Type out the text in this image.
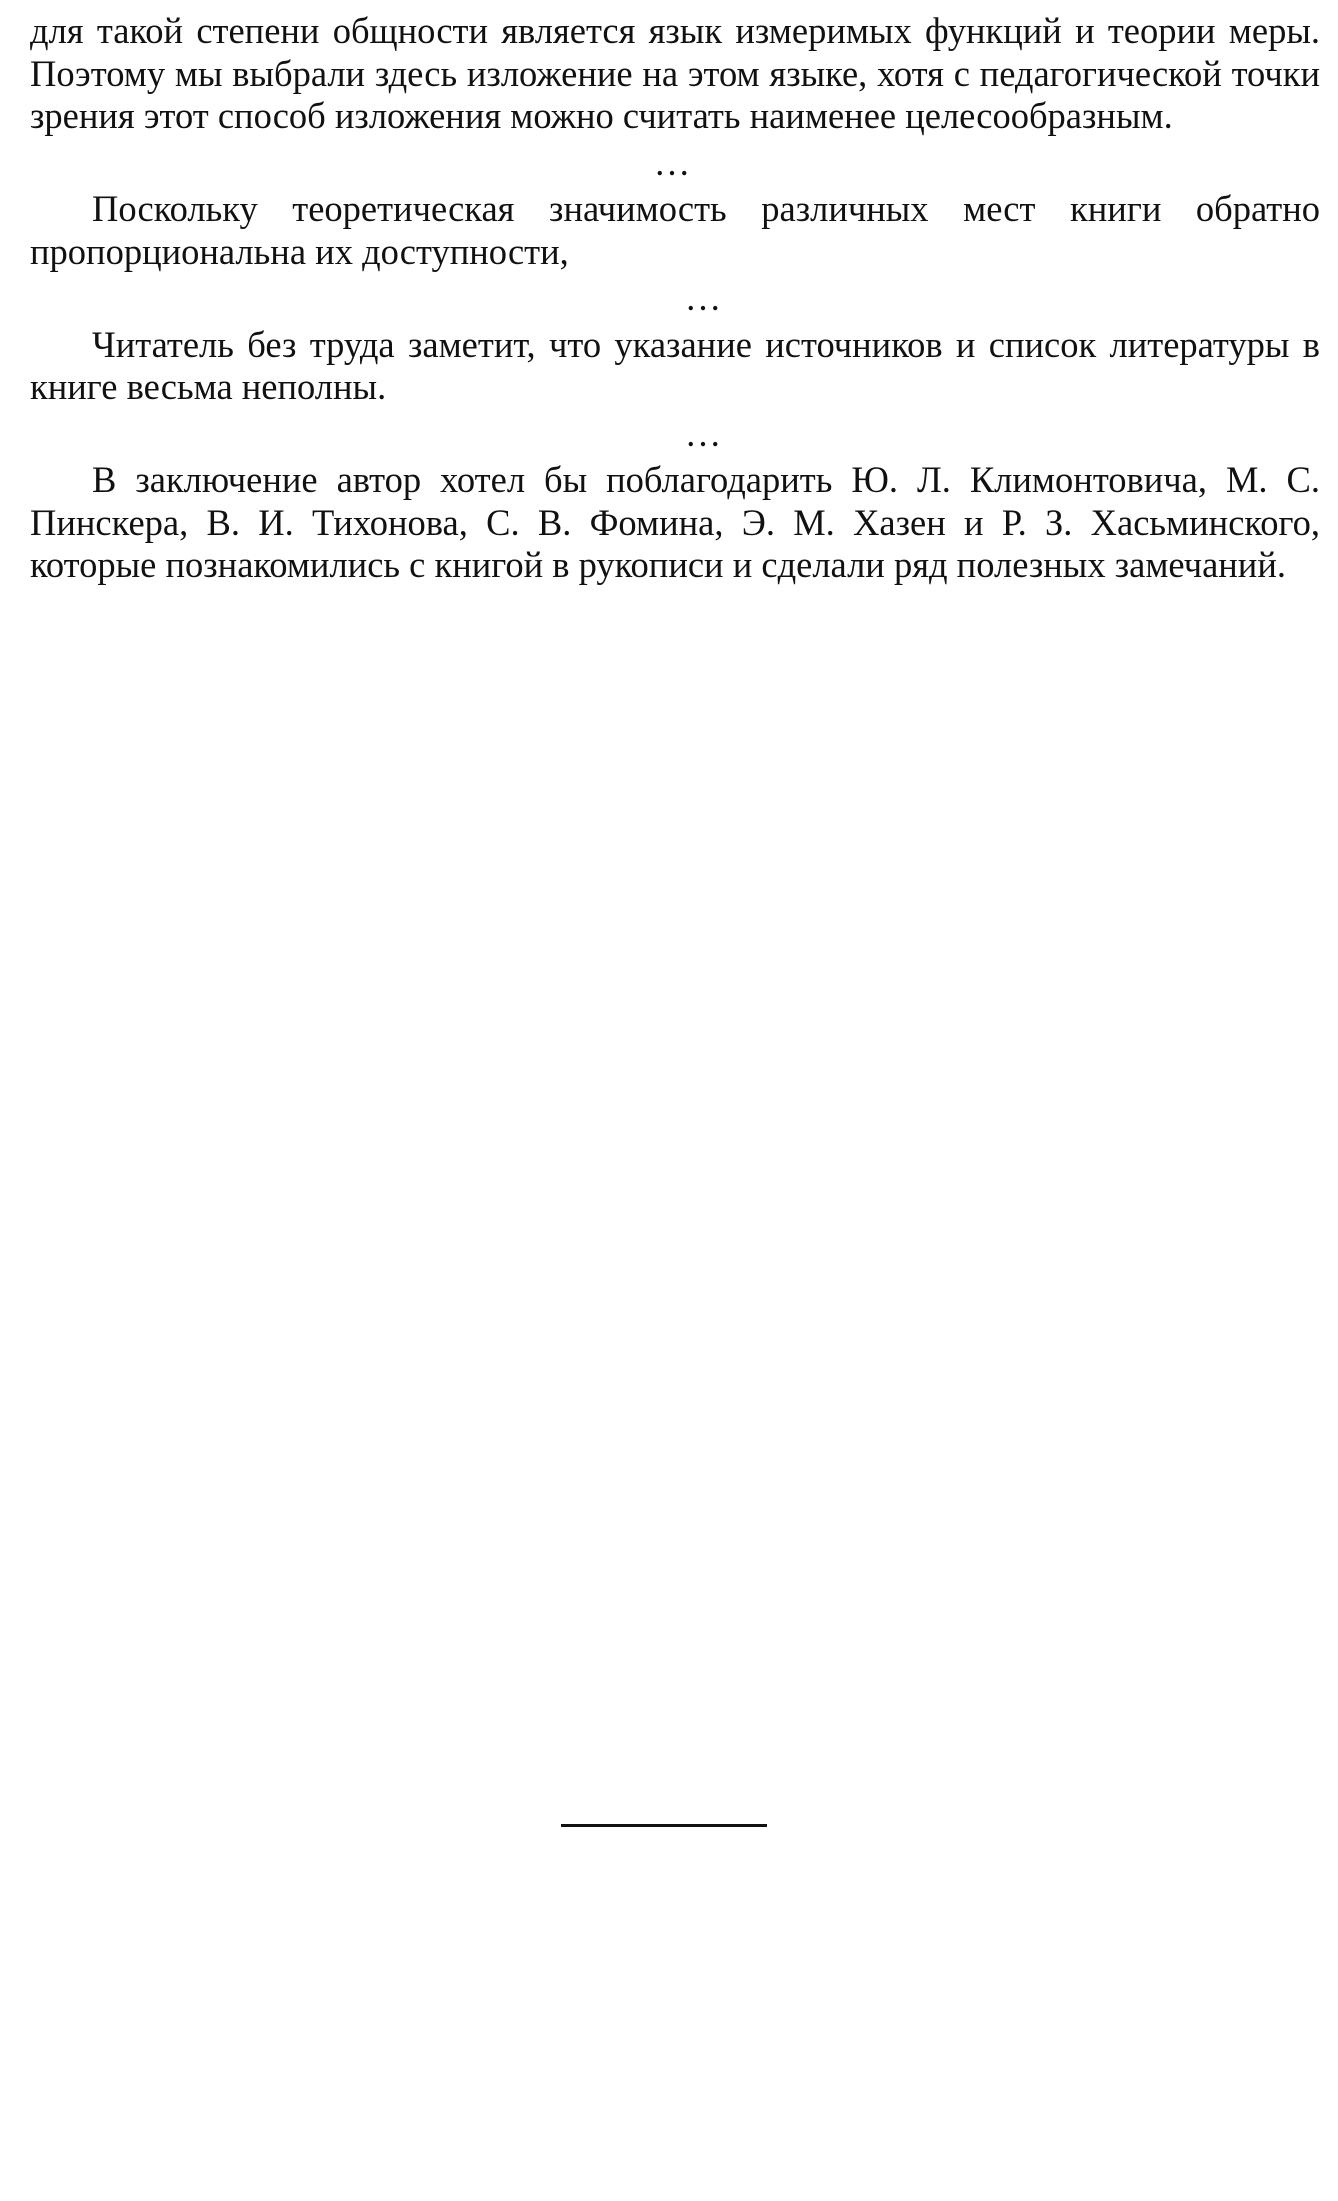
для такой степени общности является язык измеримых функций и теории меры. Поэтому мы выбрали здесь изложение на этом языке, хотя с педагогической точки зрения этот способ изложения можно считать наименее целесообразным.
…

Поскольку теоретическая значимость различных мест книги обратно пропорциональна их доступности,
…

Читатель без труда заметит, что указание источников и список литературы в книге весьма неполны.
…

В заключение автор хотел бы поблагодарить Ю. Л. Климонтовича, М. С. Пинскера, В. И. Тихонова, С. В. Фомина, Э. М. Хазен и Р. З. Хасьминского, которые познакомились с книгой в рукописи и сделали ряд полезных замечаний.
